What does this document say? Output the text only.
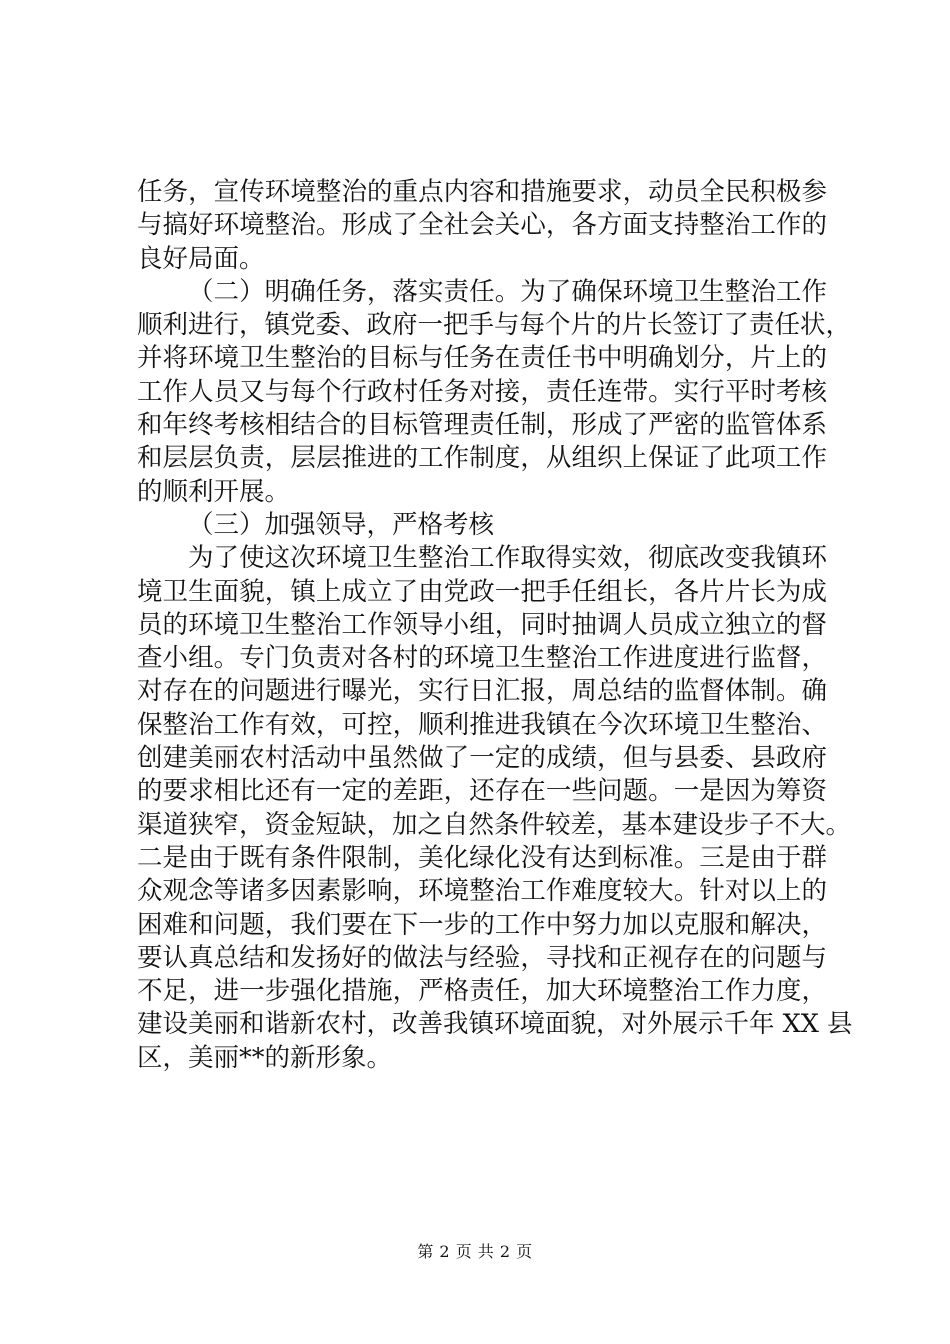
任务，宣传环境整治的重点内容和措施要求，动员全民积极参
与搞好环境整治。形成了全社会关心，各方面支持整治工作的
良好局面。
（二）明确任务，落实责任。为了确保环境卫生整治工作
顺利进行，镇党委、政府一把手与每个片的片长签订了责任状，
并将环境卫生整治的目标与任务在责任书中明确划分，片上的
工作人员又与每个行政村任务对接，责任连带。实行平时考核
和年终考核相结合的目标管理责任制，形成了严密的监管体系
和层层负责，层层推进的工作制度，从组织上保证了此项工作
的顺利开展。
（三）加强领导，严格考核
为了使这次环境卫生整治工作取得实效，彻底改变我镇环
境卫生面貌，镇上成立了由党政一把手任组长，各片片长为成
员的环境卫生整治工作领导小组，同时抽调人员成立独立的督
查小组。专门负责对各村的环境卫生整治工作进度进行监督，
对存在的问题进行曝光，实行日汇报，周总结的监督体制。确
保整治工作有效，可控，顺利推进我镇在今次环境卫生整治、
创建美丽农村活动中虽然做了一定的成绩，但与县委、县政府
的要求相比还有一定的差距，还存在一些问题。一是因为筹资
渠道狭窄，资金短缺，加之自然条件较差，基本建设步子不大。
二是由于既有条件限制，美化绿化没有达到标准。三是由于群
众观念等诸多因素影响，环境整治工作难度较大。针对以上的
困难和问题，我们要在下一步的工作中努力加以克服和解决，
要认真总结和发扬好的做法与经验，寻找和正视存在的问题与
不足，进一步强化措施，严格责任，加大环境整治工作力度，
建设美丽和谐新农村，改善我镇环境面貌，对外展示千年 XX 县
区，美丽**的新形象。
第 2 页 共 2 页
